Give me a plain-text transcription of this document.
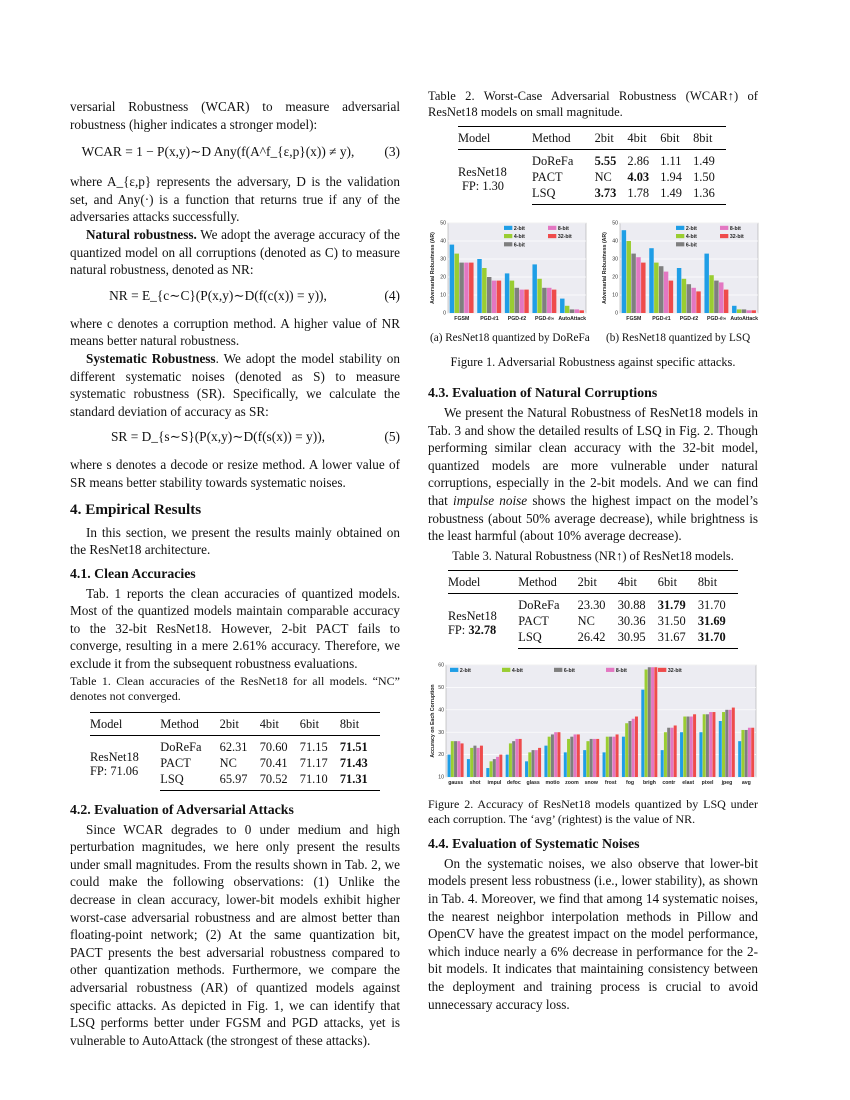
versarial Robustness (WCAR) to measure adversarial robustness (higher indicates a stronger model):

WCAR = 1 − P(x,y)∼D Any(f(A^f_{ε,p}(x)) ≠ y),	(3)

where A_{ε,p} represents the adversary, D is the validation set, and Any(·) is a function that returns true if any of the adversaries attacks successfully.

Natural robustness. We adopt the average accuracy of the quantized model on all corruptions (denoted as C) to measure natural robustness, denoted as NR:

NR = E_{c∼C}(P(x,y)∼D(f(c(x)) = y)),	(4)

where c denotes a corruption method. A higher value of NR means better natural robustness.

Systematic Robustness. We adopt the model stability on different systematic noises (denoted as S) to measure systematic robustness (SR). Specifically, we calculate the standard deviation of accuracy as SR:

SR = D_{s∼S}(P(x,y)∼D(f(s(x)) = y)),	(5)

where s denotes a decode or resize method. A lower value of SR means better stability towards systematic noises.

4. Empirical Results

In this section, we present the results mainly obtained on the ResNet18 architecture.

4.1. Clean Accuracies

Tab. 1 reports the clean accuracies of quantized models. Most of the quantized models maintain comparable accuracy to the 32-bit ResNet18. However, 2-bit PACT fails to converge, resulting in a mere 2.61% accuracy. Therefore, we exclude it from the subsequent robustness evaluations.

Table 1. Clean accuracies of the ResNet18 for all models. “NC” denotes not converged.

Model	Method	2bit	4bit	6bit	8bit

ResNet18
FP: 71.06	DoReFa	62.31	70.60	71.15	71.51
	PACT	NC	70.41	71.17	71.43
	LSQ	65.97	70.52	71.10	71.31
4.2. Evaluation of Adversarial Attacks

Since WCAR degrades to 0 under medium and high perturbation magnitudes, we here only present the results under small magnitudes. From the results shown in Tab. 2, we could make the following observations: (1) Unlike the decrease in clean accuracy, lower-bit models exhibit higher worst-case adversarial robustness and are almost better than floating-point network; (2) At the same quantization bit, PACT presents the best adversarial robustness compared to other quantization methods. Furthermore, we compare the adversarial robustness (AR) of quantized models against specific attacks. As depicted in Fig. 1, we can identify that LSQ performs better under FGSM and PGD attacks, yet is vulnerable to AutoAttack (the strongest of these attacks).

Table 2. Worst-Case Adversarial Robustness (WCAR↑) of ResNet18 models on small magnitude.

Model	Method	2bit	4bit	6bit	8bit

ResNet18
FP: 1.30	DoReFa	5.55	2.86	1.11	1.49
	PACT	NC	4.03	1.94	1.50
	LSQ	3.73	1.78	1.49	1.36
0
10
20
30
40
50
FGSM PGD-ℓ1 PGD-ℓ2 PGD-ℓ∞ AutoAttack
Adversarial Robustness (AR)
2-bit
4-bit
6-bit
8-bit
32-bit
0
10
20
30
40
50
FGSM PGD-ℓ1 PGD-ℓ2 PGD-ℓ∞ AutoAttack
Adversarial Robustness (AR)
2-bit
4-bit
6-bit
8-bit
32-bit
(a) ResNet18 quantized by DoReFa (b) ResNet18 quantized by LSQ

Figure 1. Adversarial Robustness against specific attacks.

4.3. Evaluation of Natural Corruptions

We present the Natural Robustness of ResNet18 models in Tab. 3 and show the detailed results of LSQ in Fig. 2. Though performing similar clean accuracy with the 32-bit model, quantized models are more vulnerable under natural corruptions, especially in the 2-bit models. And we can find that impulse noise shows the highest impact on the model’s robustness (about 50% average decrease), while brightness is the least harmful (about 10% average decrease).

Table 3. Natural Robustness (NR↑) of ResNet18 models.

Model	Method	2bit	4bit	6bit	8bit

ResNet18
FP: 32.78	DoReFa	23.30	30.88	31.79	31.70
	PACT	NC	30.36	31.50	31.69
	LSQ	26.42	30.95	31.67	31.70
10
20
30
40
50
60
gauss shot impul defoc glass motio zoom snow frost fog brigh contr elast pixel jpeg avg
Accuracy on Each Corruption
2-bit	4-bit	6-bit	8-bit	32-bit

Figure 2. Accuracy of ResNet18 models quantized by LSQ under each corruption. The ‘avg’ (rightest) is the value of NR.

4.4. Evaluation of Systematic Noises

On the systematic noises, we also observe that lower-bit models present less robustness (i.e., lower stability), as shown in Tab. 4. Moreover, we find that among 14 systematic noises, the nearest neighbor interpolation methods in Pillow and OpenCV have the greatest impact on the model performance, which induce nearly a 6% decrease in performance for the 2-bit models. It indicates that maintaining consistency between the deployment and training process is crucial to avoid unnecessary accuracy loss.
